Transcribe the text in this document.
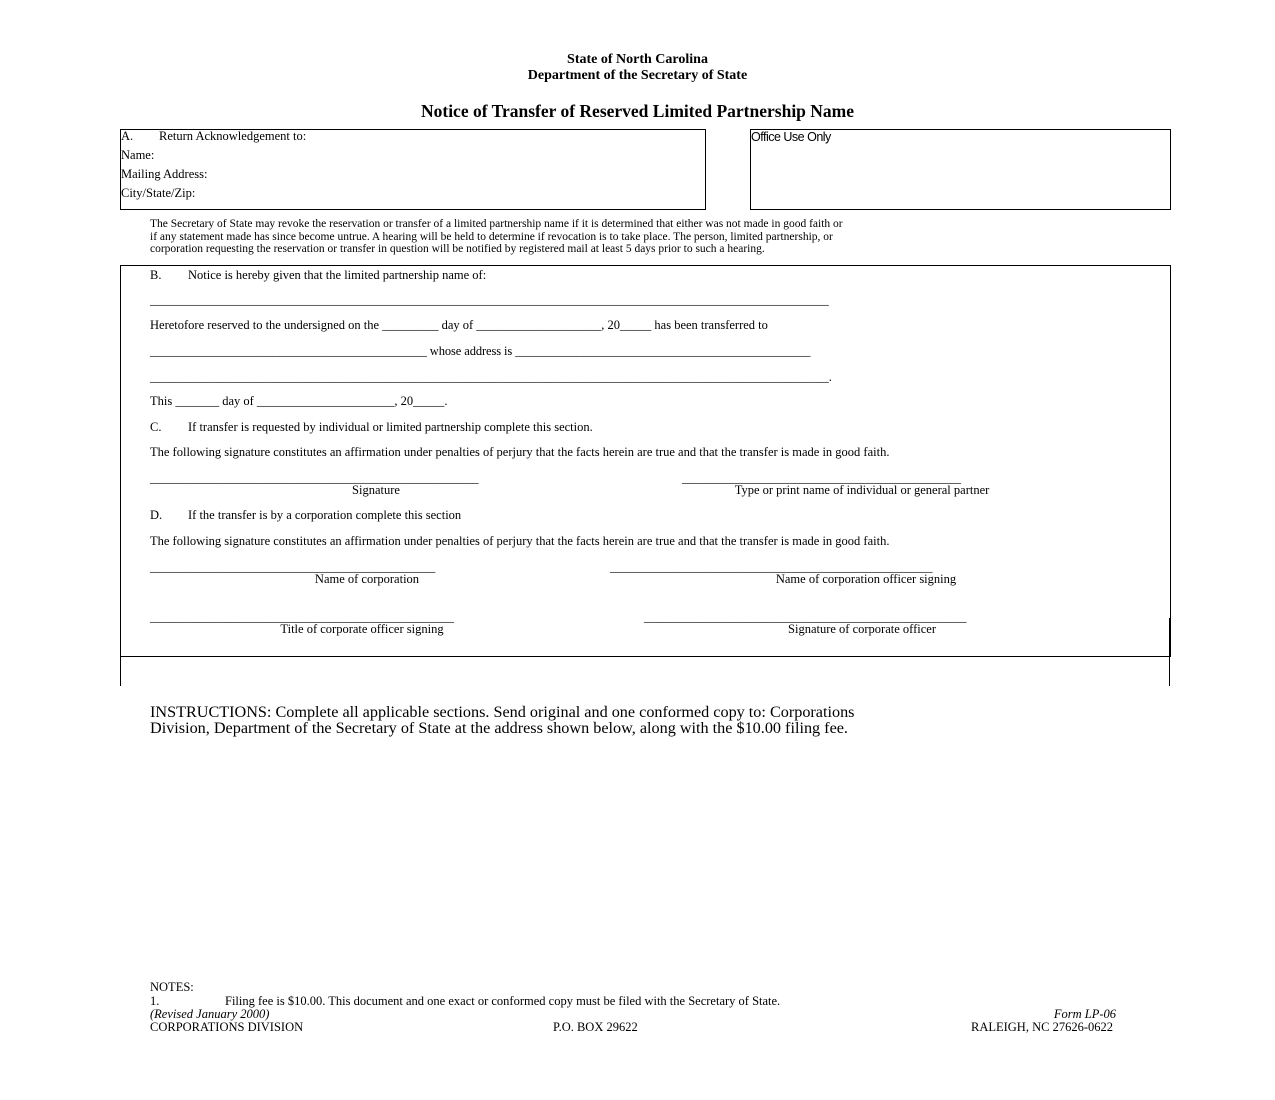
State of North Carolina
Department of the Secretary of State
Notice of Transfer of Reserved Limited Partnership Name
A. Return Acknowledgement to:
Name:
Mailing Address:
City/State/Zip:
Office Use Only
The Secretary of State may revoke the reservation or transfer of a limited partnership name if it is determined that either was not made in good faith or
if any statement made has since become untrue. A hearing will be held to determine if revocation is to take place. The person, limited partnership, or
corporation requesting the reservation or transfer in question will be notified by registered mail at least 5 days prior to such a hearing.
B. Notice is hereby given that the limited partnership name of:
______________________________________________________________________________________________________________
Heretofore reserved to the undersigned on the _________ day of ____________________, 20_____ has been transferred to
_____________________________________________ whose address is ________________________________________________
______________________________________________________________________________________________________________.
This _______ day of ______________________, 20_____.
C. If transfer is requested by individual or limited partnership complete this section.
The following signature constitutes an affirmation under penalties of perjury that the facts herein are true and that the transfer is made in good faith.
_____________________________________________________
Signature
_____________________________________________
Type or print name of individual or general partner
D. If the transfer is by a corporation complete this section
The following signature constitutes an affirmation under penalties of perjury that the facts herein are true and that the transfer is made in good faith.
______________________________________________
Name of corporation
____________________________________________________
Name of corporation officer signing
_________________________________________________
Title of corporate officer signing
____________________________________________________
Signature of corporate officer
INSTRUCTIONS: Complete all applicable sections. Send original and one conformed copy to: Corporations
Division, Department of the Secretary of State at the address shown below, along with the $10.00 filing fee.
NOTES:
1.	Filing fee is $10.00. This document and one exact or conformed copy must be filed with the Secretary of State.
(Revised January 2000)	Form LP-06
CORPORATIONS DIVISION	P.O. BOX 29622	RALEIGH, NC 27626-0622
